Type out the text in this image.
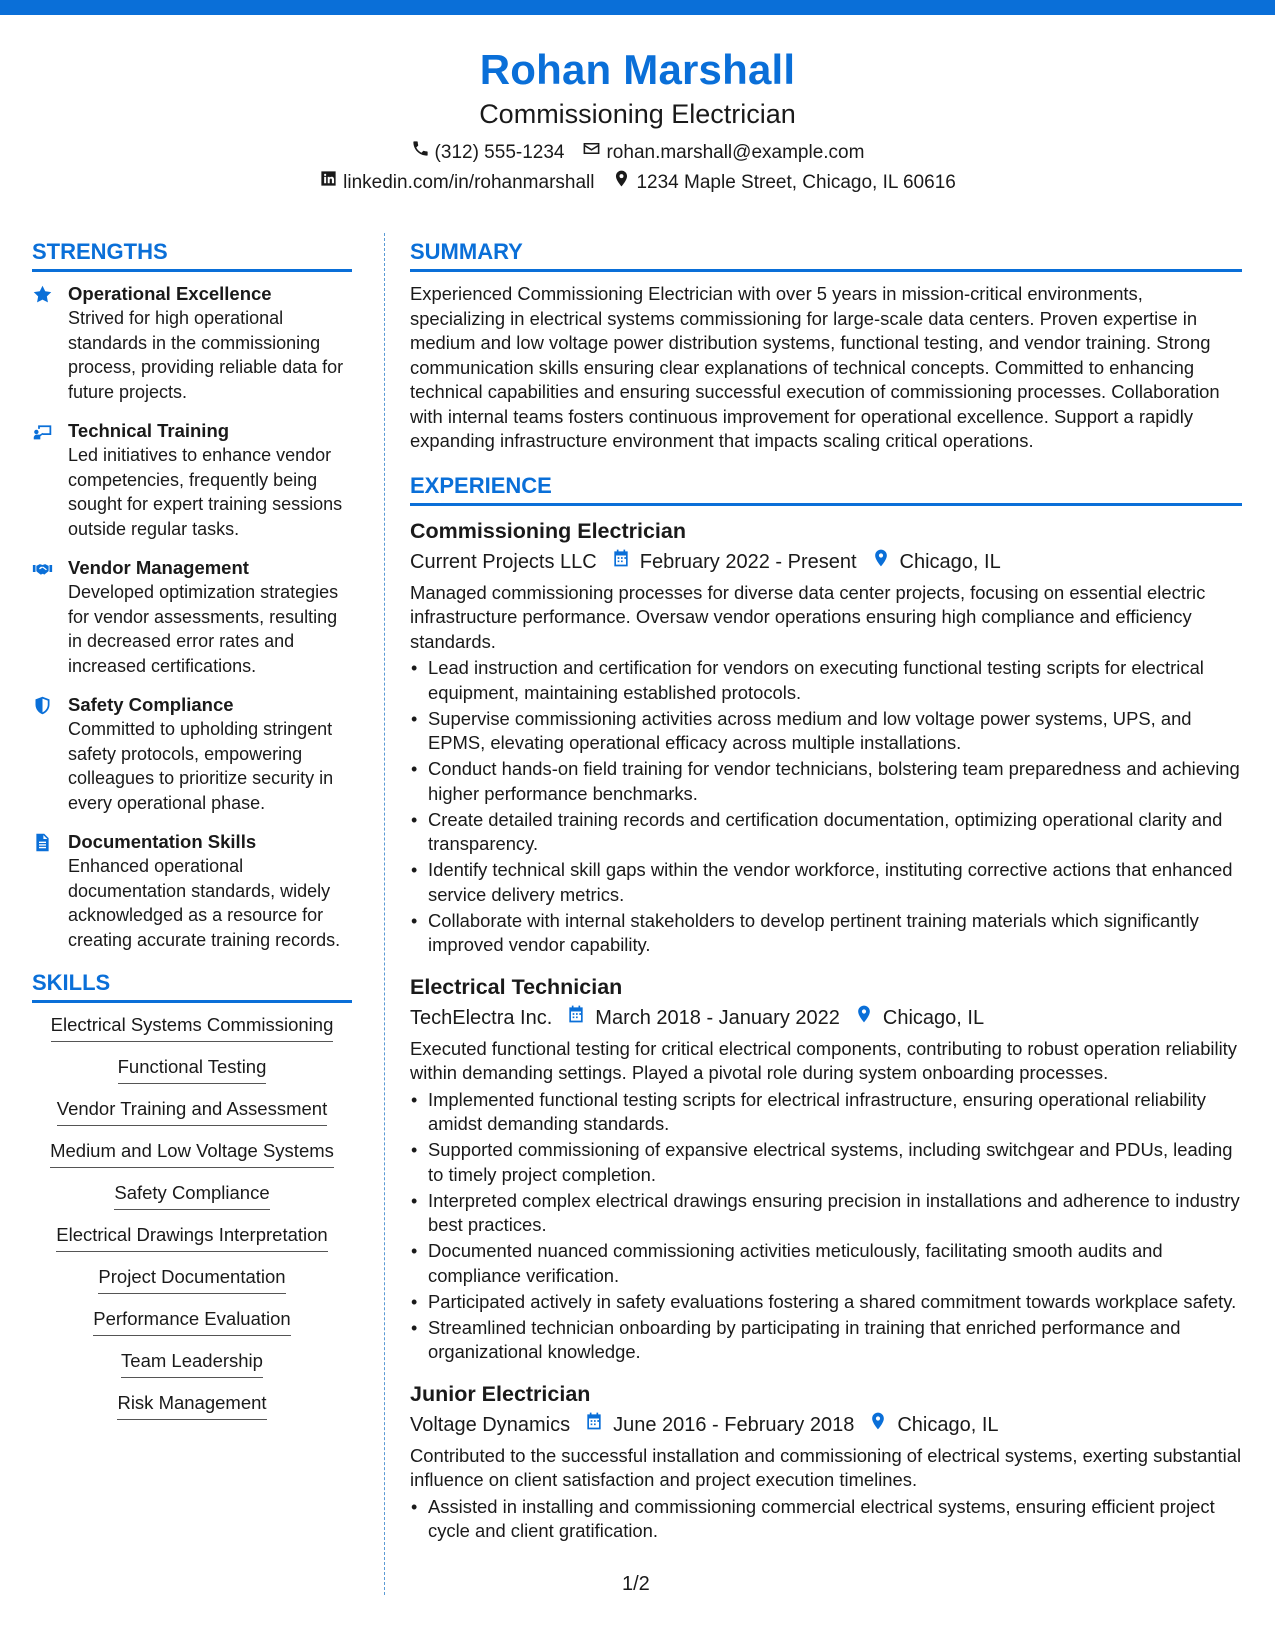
Rohan Marshall
Commissioning Electrician
(312) 555-1234 rohan.marshall@example.com
linkedin.com/in/rohanmarshall 1234 Maple Street, Chicago, IL 60616
STRENGTHS
Operational Excellence
Strived for high operational standards in the commissioning process, providing reliable data for future projects.
Technical Training
Led initiatives to enhance vendor competencies, frequently being sought for expert training sessions outside regular tasks.
Vendor Management
Developed optimization strategies for vendor assessments, resulting in decreased error rates and increased certifications.
Safety Compliance
Committed to upholding stringent safety protocols, empowering colleagues to prioritize security in every operational phase.
Documentation Skills
Enhanced operational documentation standards, widely acknowledged as a resource for creating accurate training records.
SKILLS
Electrical Systems Commissioning
Functional Testing
Vendor Training and Assessment
Medium and Low Voltage Systems
Safety Compliance
Electrical Drawings Interpretation
Project Documentation
Performance Evaluation
Team Leadership
Risk Management
SUMMARY
Experienced Commissioning Electrician with over 5 years in mission-critical environments, specializing in electrical systems commissioning for large-scale data centers. Proven expertise in medium and low voltage power distribution systems, functional testing, and vendor training. Strong communication skills ensuring clear explanations of technical concepts. Committed to enhancing technical capabilities and ensuring successful execution of commissioning processes. Collaboration with internal teams fosters continuous improvement for operational excellence. Support a rapidly expanding infrastructure environment that impacts scaling critical operations.
EXPERIENCE
Commissioning Electrician
Current Projects LLC February 2022 - Present Chicago, IL
Managed commissioning processes for diverse data center projects, focusing on essential electric infrastructure performance. Oversaw vendor operations ensuring high compliance and efficiency standards.
• Lead instruction and certification for vendors on executing functional testing scripts for electrical equipment, maintaining established protocols.
• Supervise commissioning activities across medium and low voltage power systems, UPS, and EPMS, elevating operational efficacy across multiple installations.
• Conduct hands-on field training for vendor technicians, bolstering team preparedness and achieving higher performance benchmarks.
• Create detailed training records and certification documentation, optimizing operational clarity and transparency.
• Identify technical skill gaps within the vendor workforce, instituting corrective actions that enhanced service delivery metrics.
• Collaborate with internal stakeholders to develop pertinent training materials which significantly improved vendor capability.
Electrical Technician
TechElectra Inc. March 2018 - January 2022 Chicago, IL
Executed functional testing for critical electrical components, contributing to robust operation reliability within demanding settings. Played a pivotal role during system onboarding processes.
• Implemented functional testing scripts for electrical infrastructure, ensuring operational reliability amidst demanding standards.
• Supported commissioning of expansive electrical systems, including switchgear and PDUs, leading to timely project completion.
• Interpreted complex electrical drawings ensuring precision in installations and adherence to industry best practices.
• Documented nuanced commissioning activities meticulously, facilitating smooth audits and compliance verification.
• Participated actively in safety evaluations fostering a shared commitment towards workplace safety.
• Streamlined technician onboarding by participating in training that enriched performance and organizational knowledge.
Junior Electrician
Voltage Dynamics June 2016 - February 2018 Chicago, IL
Contributed to the successful installation and commissioning of electrical systems, exerting substantial influence on client satisfaction and project execution timelines.
• Assisted in installing and commissioning commercial electrical systems, ensuring efficient project cycle and client gratification.
1/2
